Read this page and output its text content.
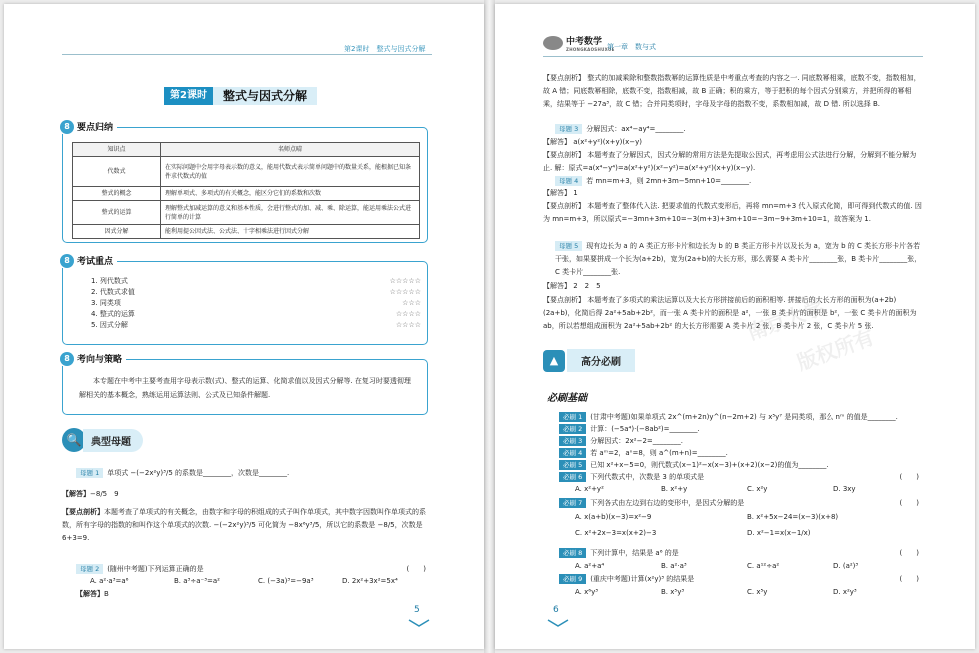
第2课时　整式与因式分解
第2课时	整式与因式分解
8 要点归纳
知识点	名师点晴
代数式	在实际问题中会用字母表示数的意义，能用代数式表示简单问题中的数量关系，能根据已知条件求代数式的值
整式的概念	理解单项式、多项式的有关概念，能区分它们的系数和次数
整式的运算	理解整式加减运算的意义和基本性质，会进行整式的加、减、乘、除运算，能运用乘法公式进行简单的计算
因式分解	能利用提公因式法、公式法、十字相乘法进行因式分解
8 考试重点
1. 列代数式	☆☆☆☆☆
2. 代数式求值	☆☆☆☆☆
3. 同类项	☆☆☆
4. 整式的运算	☆☆☆☆
5. 因式分解	☆☆☆☆
8 考向与策略
本专题在中考中主要考查用字母表示数(式)、整式的运算、化简求值以及因式分解等. 在复习时要透彻理解相关的基本概念，熟练运用运算法则、公式及已知条件解题.
🔍 典型母题
母题 1 单项式 −(−2x²y)³/5 的系数是________，次数是________.
【解答】−8/5　9
【要点剖析】本题考查了单项式的有关概念，由数字和字母的积组成的式子叫作单项式，其中数字因数叫作单项式的系数，所有字母的指数的和叫作这个单项式的次数. −(−2x²y)³/5 可化简为 −8x⁶y³/5，所以它的系数是 −8/5，次数是 6+3=9.
母题 2 (随州中考题)下列运算正确的是	(　　)
A. a²·a³=a⁶	B. a³÷a⁻³=a²	C. (−3a)³=−9a³	D. 2x²+3x²=5x⁴
【解答】B
5
中考数学
ZHONGKAOSHUXUE
第一章　数与式
【要点剖析】 整式的加减乘除和整数指数幂的运算性质是中考重点考查的内容之一. 同底数幂相乘，底数不变，指数相加，故 A 错；同底数幂相除，底数不变，指数相减，故 B 正确；积的乘方，等于把积的每个因式分别乘方，并把所得的幂相乘，结果等于 −27a³，故 C 错；合并同类项时，字母及字母的指数不变，系数相加减，故 D 错. 所以选择 B.
母题 3 分解因式：ax⁴−ay⁴=________.
【解答】 a(x²+y²)(x+y)(x−y)
【要点剖析】 本题考查了分解因式，因式分解的常用方法是先提取公因式，再考虑用公式法进行分解，分解到不能分解为止. 解：原式=a(x⁴−y⁴)=a(x²+y²)(x²−y²)=a(x²+y²)(x+y)(x−y).
母题 4 若 mn=m+3，则 2mn+3m−5mn+10=________.
【解答】 1
【要点剖析】 本题考查了整体代入法. 把要求值的代数式变形后，再将 mn=m+3 代入原式化简，即可得到代数式的值. 因为 mn=m+3，所以原式=−3mn+3m+10=−3(m+3)+3m+10=−3m−9+3m+10=1，故答案为 1.
母题 5 现有边长为 a 的 A 类正方形卡片和边长为 b 的 B 类正方形卡片以及长为 a，宽为 b 的 C 类长方形卡片各若干张，如果要拼成一个长为(a+2b)，宽为(2a+b)的大长方形，那么需要 A 类卡片________张，B 类卡片________张，C 类卡片________张.
【解答】 2　2　5
【要点剖析】 本题考查了多项式的乘法运算以及大长方形拼接前后的面积相等. 拼接后的大长方形的面积为(a+2b)(2a+b)，化简后得 2a²+5ab+2b²，而一张 A 类卡片的面积是 a²，一张 B 类卡片的面积是 b²，一张 C 类卡片的面积为 ab，所以若想组成面积为 2a²+5ab+2b² 的大长方形需要 A 类卡片 2 张，B 类卡片 2 张，C 类卡片 5 张.
▲	高分必刷
必刷基础
必刷 1 (甘肃中考题)如果单项式 2x^(m+2n)y^(n−2m+2) 与 x⁵y⁷ 是同类项，那么 nᵐ 的值是________.
必刷 2 计算：(−5a⁴)·(−8ab²)=________.
必刷 3 分解因式：2x²−2=________.
必刷 4 若 aᵐ=2，aⁿ=8，则 a^(m+n)=________.
必刷 5 已知 x²+x−5=0，则代数式(x−1)²−x(x−3)+(x+2)(x−2)的值为________.
必刷 6 下列代数式中，次数是 3 的单项式是	(　　)
A. x²+y²	B. x²+y	C. x²y	D. 3xy
必刷 7 下列各式由左边到右边的变形中，是因式分解的是	(　　)
A. x(a+b)(x−3)=x²−9	B. x²+5x−24=(x−3)(x+8)
C. x²+2x−3=x(x+2)−3	D. x²−1=x(x−1/x)
必刷 8 下列计算中，结果是 a⁶ 的是	(　　)
A. a²+a⁴	B. a²·a³	C. a¹²÷a²	D. (a²)³
必刷 9 (重庆中考题)计算(x²y)³ 的结果是	(　　)
A. x⁶y³	B. x⁵y³	C. x⁵y	D. x²y³
南京大学
版权所有
6
